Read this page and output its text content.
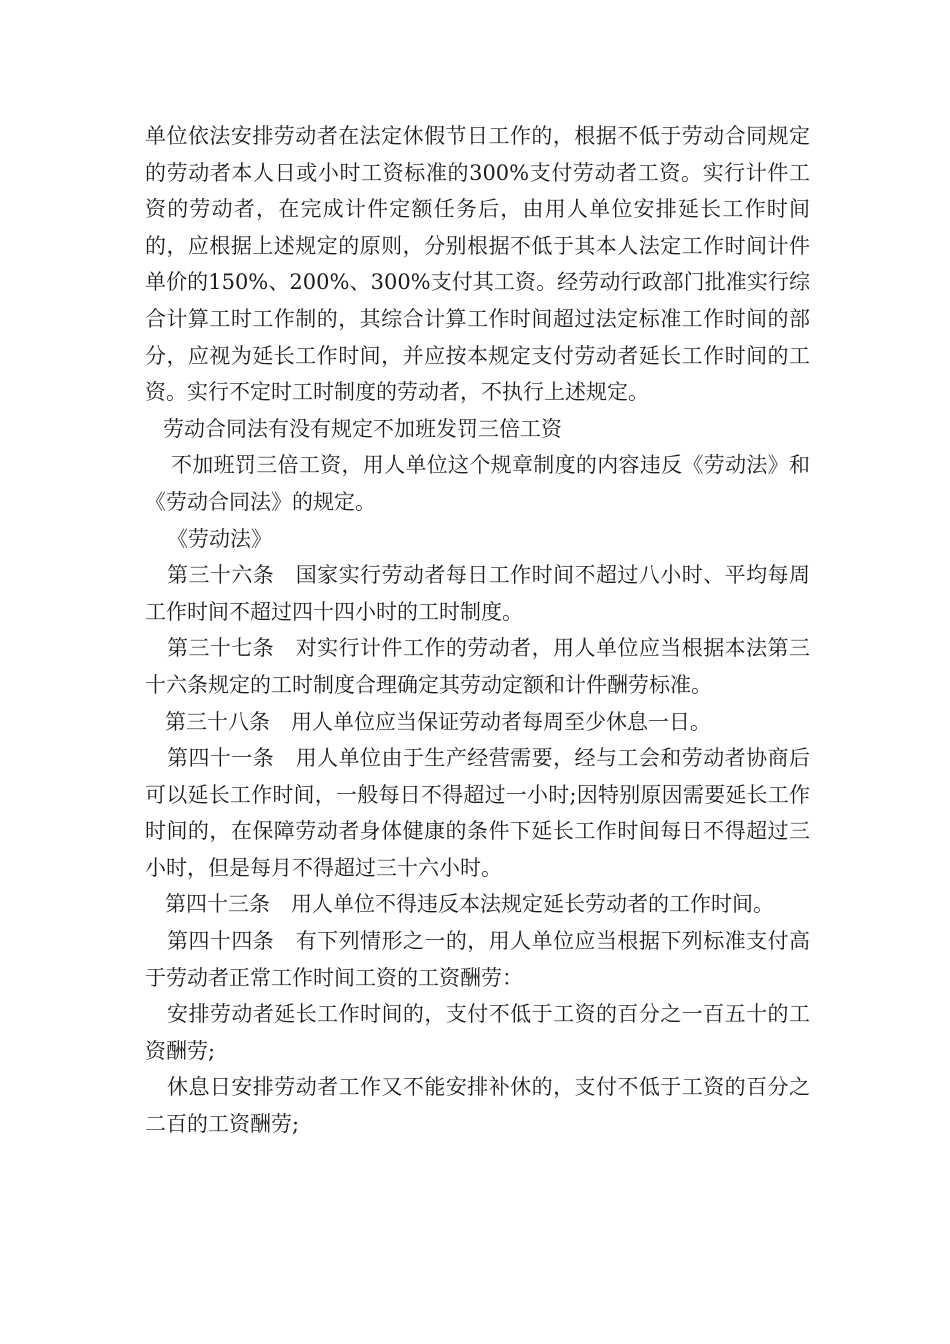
单位依法安排劳动者在法定休假节日工作的，根据不低于劳动合同规定的劳动者本人日或小时工资标准的300%支付劳动者工资。实行计件工资的劳动者，在完成计件定额任务后，由用人单位安排延长工作时间的，应根据上述规定的原则，分别根据不低于其本人法定工作时间计件单价的150%、200%、300%支付其工资。经劳动行政部门批准实行综合计算工时工作制的，其综合计算工作时间超过法定标准工作时间的部分，应视为延长工作时间，并应按本规定支付劳动者延长工作时间的工资。实行不定时工时制度的劳动者，不执行上述规定。

劳动合同法有没有规定不加班发罚三倍工资

不加班罚三倍工资，用人单位这个规章制度的内容违反《劳动法》和《劳动合同法》的规定。

《劳动法》

第三十六条　国家实行劳动者每日工作时间不超过八小时、平均每周工作时间不超过四十四小时的工时制度。

第三十七条　对实行计件工作的劳动者，用人单位应当根据本法第三十六条规定的工时制度合理确定其劳动定额和计件酬劳标准。

第三十八条　用人单位应当保证劳动者每周至少休息一日。

第四十一条　用人单位由于生产经营需要，经与工会和劳动者协商后可以延长工作时间，一般每日不得超过一小时;因特别原因需要延长工作时间的，在保障劳动者身体健康的条件下延长工作时间每日不得超过三小时，但是每月不得超过三十六小时。

第四十三条　用人单位不得违反本法规定延长劳动者的工作时间。

第四十四条　有下列情形之一的，用人单位应当根据下列标准支付高于劳动者正常工作时间工资的工资酬劳：

安排劳动者延长工作时间的，支付不低于工资的百分之一百五十的工资酬劳;

休息日安排劳动者工作又不能安排补休的，支付不低于工资的百分之二百的工资酬劳;
